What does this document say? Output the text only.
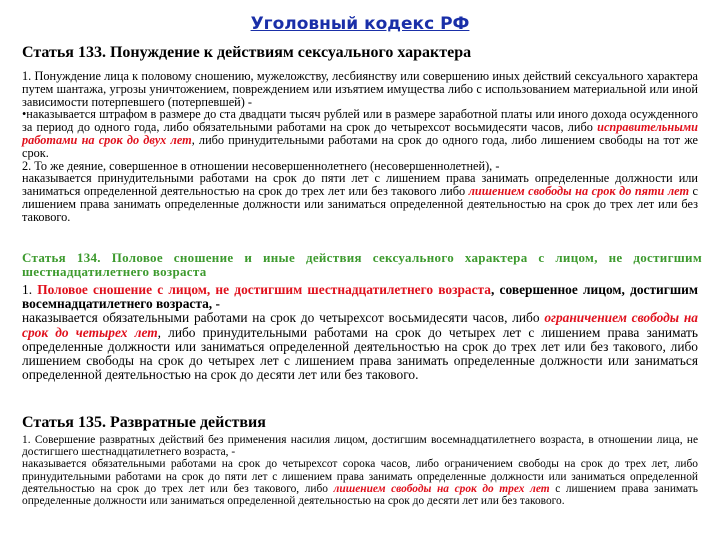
Уголовный кодекс РФ
Статья 133. Понуждение к действиям сексуального характера

1. Понуждение лица к половому сношению, мужеложству, лесбиянству или совершению иных действий сексуального характера путем шантажа, угрозы уничтожением, повреждением или изъятием имущества либо с использованием материальной или иной зависимости потерпевшего (потерпевшей) -

•наказывается штрафом в размере до ста двадцати тысяч рублей или в размере заработной платы или иного дохода осужденного за период до одного года, либо обязательными работами на срок до четырехсот восьмидесяти часов, либо исправительными работами на срок до двух лет, либо принудительными работами на срок до одного года, либо лишением свободы на тот же срок.

2. То же деяние, совершенное в отношении несовершеннолетнего (несовершеннолетней), -

наказывается принудительными работами на срок до пяти лет с лишением права занимать определенные должности или заниматься определенной деятельностью на срок до трех лет или без такового либо лишением свободы на срок до пяти лет с лишением права занимать определенные должности или заниматься определенной деятельностью на срок до трех лет или без такового.

Статья 134. Половое сношение и иные действия сексуального характера с лицом, не достигшим шестнадцатилетнего возраста

1. Половое сношение с лицом, не достигшим шестнадцатилетнего возраста, совершенное лицом, достигшим восемнадцатилетнего возраста, -

наказывается обязательными работами на срок до четырехсот восьмидесяти часов, либо ограничением свободы на срок до четырех лет, либо принудительными работами на срок до четырех лет с лишением права занимать определенные должности или заниматься определенной деятельностью на срок до трех лет или без такового, либо лишением свободы на срок до четырех лет с лишением права занимать определенные должности или заниматься определенной деятельностью на срок до десяти лет или без такового.

Статья 135. Развратные действия

1. Совершение развратных действий без применения насилия лицом, достигшим восемнадцатилетнего возраста, в отношении лица, не достигшего шестнадцатилетнего возраста, -

наказывается обязательными работами на срок до четырехсот сорока часов, либо ограничением свободы на срок до трех лет, либо принудительными работами на срок до пяти лет с лишением права занимать определенные должности или заниматься определенной деятельностью на срок до трех лет или без такового, либо лишением свободы на срок до трех лет с лишением права занимать определенные должности или заниматься определенной деятельностью на срок до десяти лет или без такового.
